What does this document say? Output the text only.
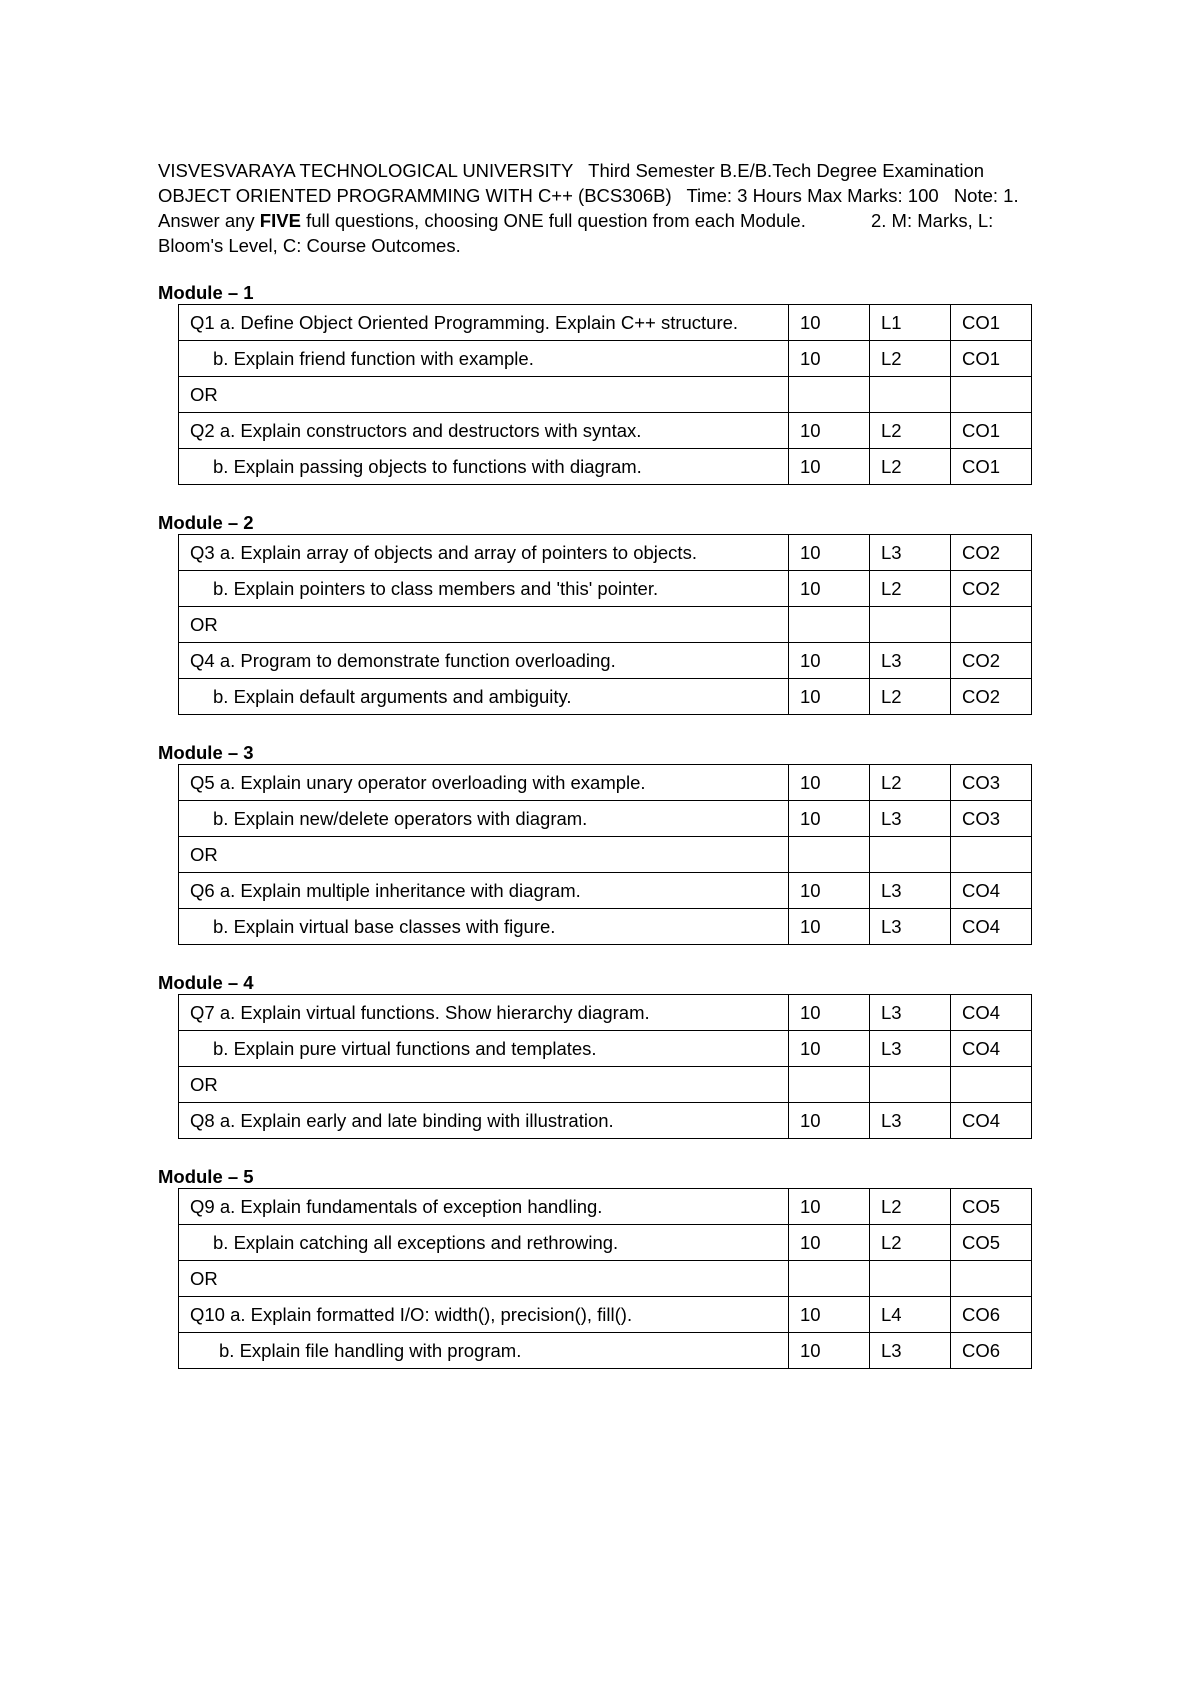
VISVESVARAYA TECHNOLOGICAL UNIVERSITY Third Semester B.E/B.Tech Degree Examination OBJECT ORIENTED PROGRAMMING WITH C++ (BCS306B) Time: 3 Hours Max Marks: 100 Note: 1. Answer any FIVE full questions, choosing ONE full question from each Module.	2. M: Marks, L: Bloom's Level, C: Course Outcomes.

Module – 1

Q1 a. Define Object Oriented Programming. Explain C++ structure.	10	L1	CO1
b. Explain friend function with example.	10	L2	CO1
OR			
Q2 a. Explain constructors and destructors with syntax.	10	L2	CO1
b. Explain passing objects to functions with diagram.	10	L2	CO1

Module – 2

Q3 a. Explain array of objects and array of pointers to objects.	10	L3	CO2
b. Explain pointers to class members and 'this' pointer.	10	L2	CO2
OR			
Q4 a. Program to demonstrate function overloading.	10	L3	CO2
b. Explain default arguments and ambiguity.	10	L2	CO2

Module – 3

Q5 a. Explain unary operator overloading with example.	10	L2	CO3
b. Explain new/delete operators with diagram.	10	L3	CO3
OR			
Q6 a. Explain multiple inheritance with diagram.	10	L3	CO4
b. Explain virtual base classes with figure.	10	L3	CO4

Module – 4

Q7 a. Explain virtual functions. Show hierarchy diagram.	10	L3	CO4
b. Explain pure virtual functions and templates.	10	L3	CO4
OR			
Q8 a. Explain early and late binding with illustration.	10	L3	CO4

Module – 5

Q9 a. Explain fundamentals of exception handling.	10	L2	CO5
b. Explain catching all exceptions and rethrowing.	10	L2	CO5
OR			
Q10 a. Explain formatted I/O: width(), precision(), fill().	10	L4	CO6
b. Explain file handling with program.	10	L3	CO6
